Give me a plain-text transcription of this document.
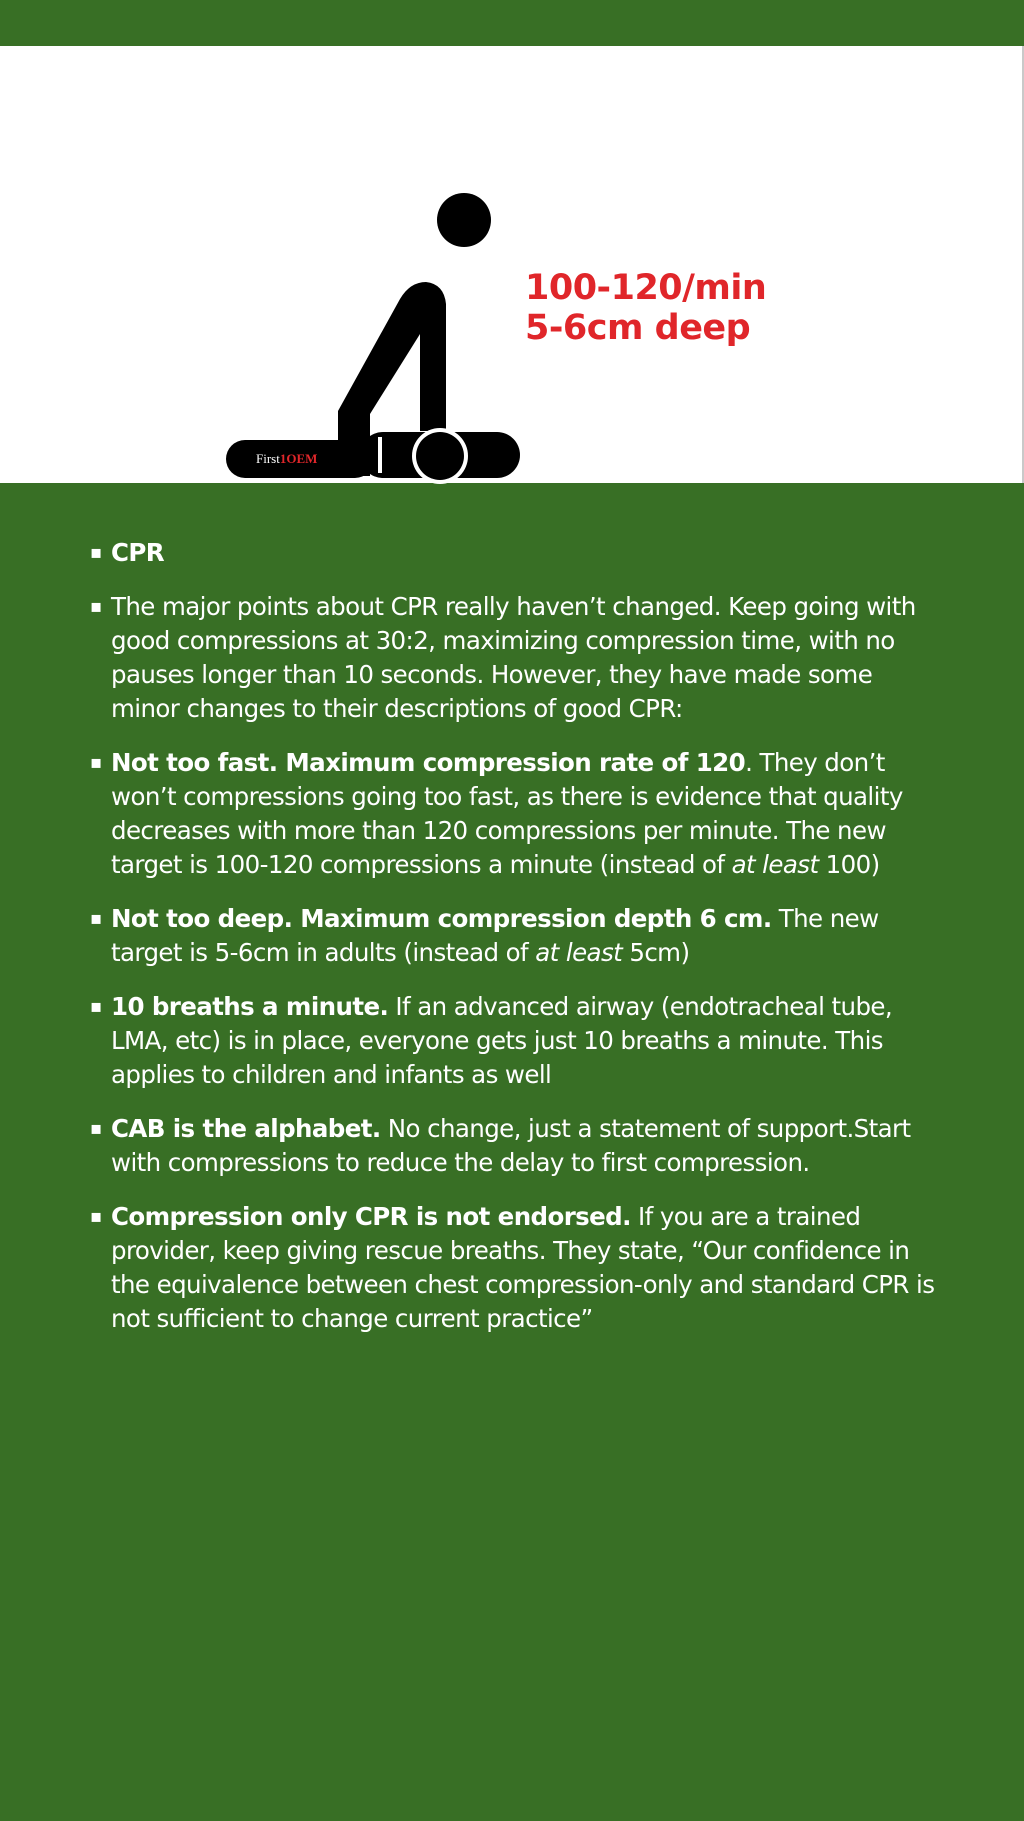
First1OEM
100-120/min
5-6cm deep
▪ CPR
▪ The major points about CPR really haven’t changed. Keep going with good compressions at 30:2, maximizing compression time, with no pauses longer than 10 seconds. However, they have made some minor changes to their descriptions of good CPR:
▪ Not too fast. Maximum compression rate of 120. They don’t won’t compressions going too fast, as there is evidence that quality decreases with more than 120 compressions per minute. The new target is 100-120 compressions a minute (instead of at least 100)
▪ Not too deep. Maximum compression depth 6 cm. The new target is 5-6cm in adults (instead of at least 5cm)
▪ 10 breaths a minute. If an advanced airway (endotracheal tube, LMA, etc) is in place, everyone gets just 10 breaths a minute. This applies to children and infants as well
▪ CAB is the alphabet. No change, just a statement of support.Start with compressions to reduce the delay to first compression.
▪ Compression only CPR is not endorsed. If you are a trained provider, keep giving rescue breaths. They state, “Our confidence in the equivalence between chest compression-only and standard CPR is not sufficient to change current practice”
